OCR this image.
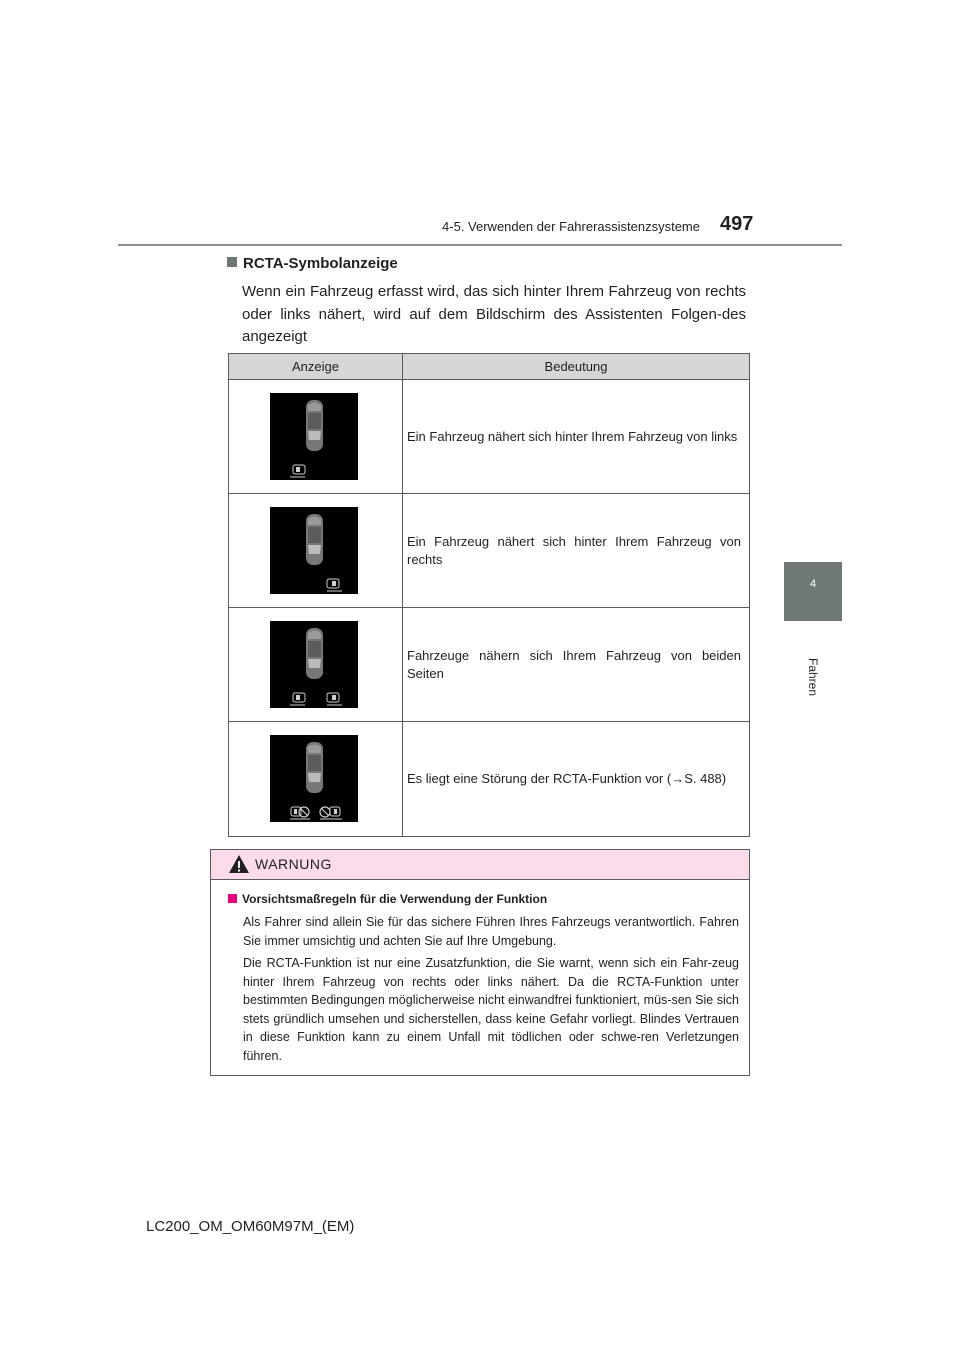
4-5. Verwenden der Fahrerassistenzsysteme 497
4
Fahren
RCTA-Symbolanzeige
Wenn ein Fahrzeug erfasst wird, das sich hinter Ihrem Fahrzeug von rechts oder links nähert, wird auf dem Bildschirm des Assistenten Folgen-des angezeigt
Anzeige	Bedeutung
Ein Fahrzeug nähert sich hinter Ihrem Fahrzeug von links
Ein Fahrzeug nähert sich hinter Ihrem Fahrzeug von rechts
Fahrzeuge nähern sich Ihrem Fahrzeug von beiden Seiten
Es liegt eine Störung der RCTA-Funktion vor (→S. 488)
WARNUNG
Vorsichtsmaßregeln für die Verwendung der Funktion
Als Fahrer sind allein Sie für das sichere Führen Ihres Fahrzeugs verantwortlich. Fahren Sie immer umsichtig und achten Sie auf Ihre Umgebung.
Die RCTA-Funktion ist nur eine Zusatzfunktion, die Sie warnt, wenn sich ein Fahr-zeug hinter Ihrem Fahrzeug von rechts oder links nähert. Da die RCTA-Funktion unter bestimmten Bedingungen möglicherweise nicht einwandfrei funktioniert, müs-sen Sie sich stets gründlich umsehen und sicherstellen, dass keine Gefahr vorliegt. Blindes Vertrauen in diese Funktion kann zu einem Unfall mit tödlichen oder schwe-ren Verletzungen führen.
LC200_OM_OM60M97M_(EM)
